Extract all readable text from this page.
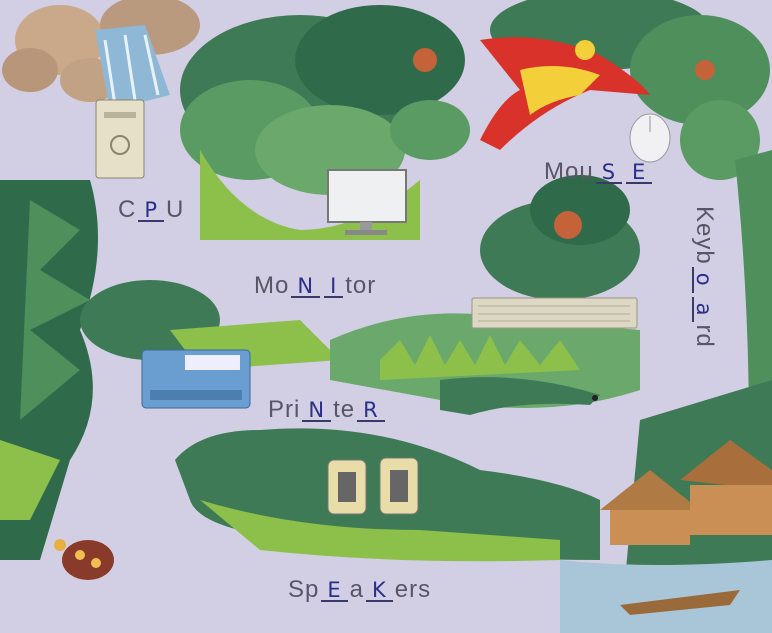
C P U
Mo N I tor
Mou S E
Keyboard
Pri N te R
Sp E a K ers
